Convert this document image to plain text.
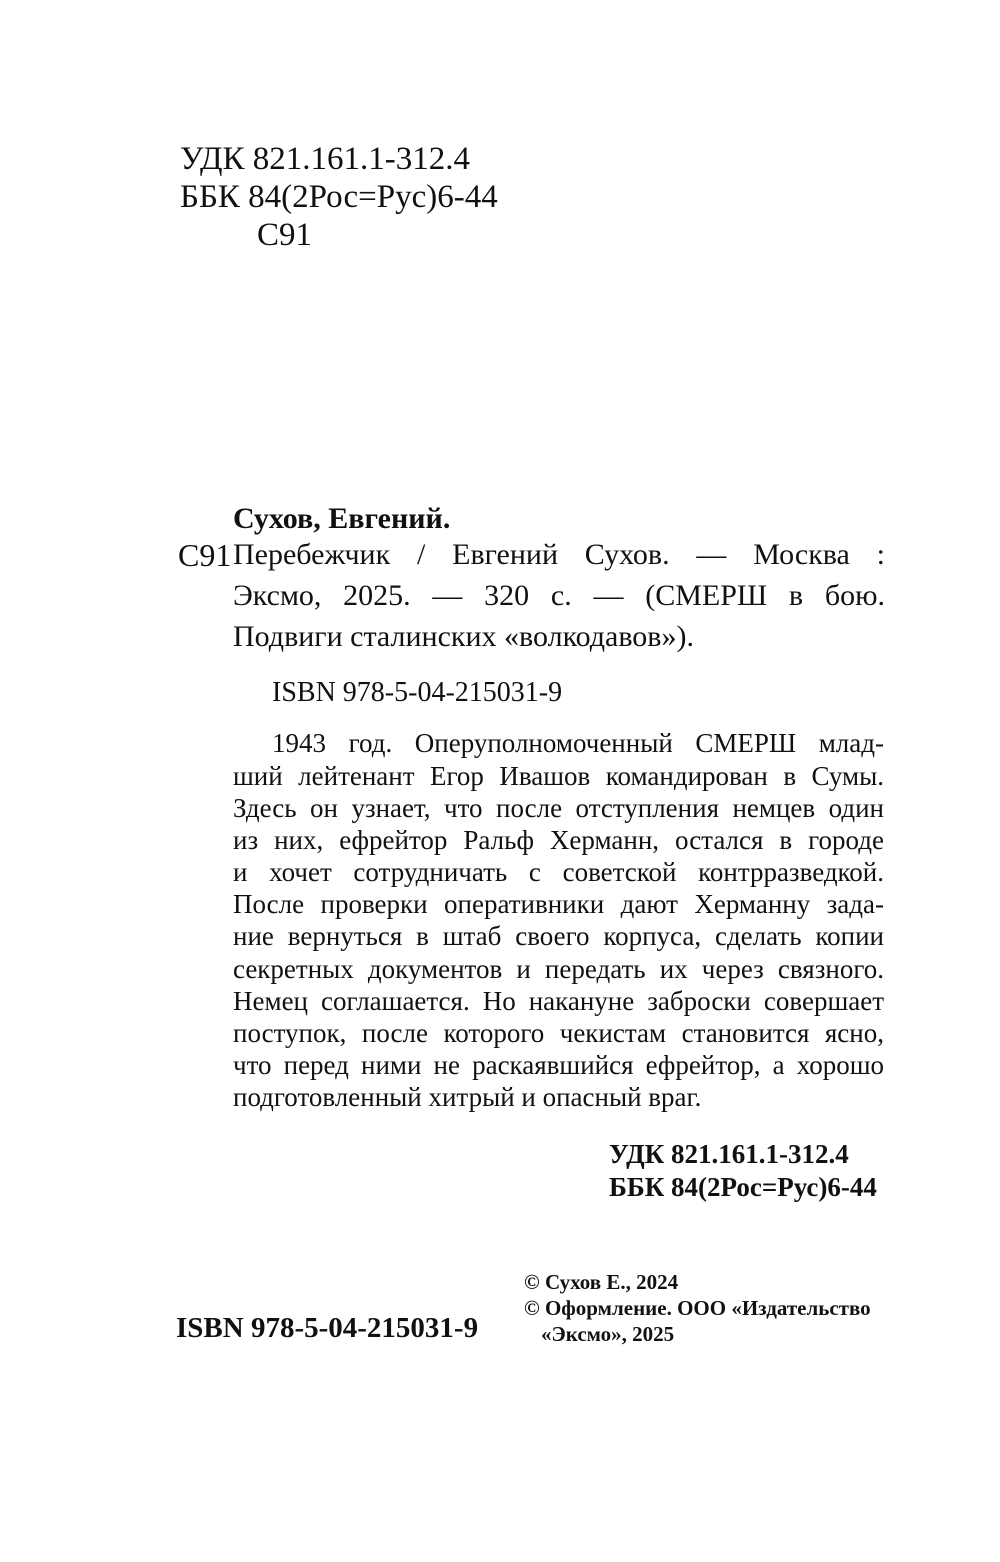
УДК 821.161.1-312.4
ББК 84(2Рос=Рус)6-44
С91
Сухов, Евгений.
С91 Перебежчик / Евгений Сухов. — Москва :
Эксмо, 2025. — 320 с. — (СМЕРШ в бою.
Подвиги сталинских «волкодавов»).
ISBN 978-5-04-215031-9
1943 год. Оперуполномоченный СМЕРШ млад-
ший лейтенант Егор Ивашов командирован в Сумы.
Здесь он узнает, что после отступления немцев один
из них, ефрейтор Ральф Херманн, остался в городе
и хочет сотрудничать с советской контрразведкой.
После проверки оперативники дают Херманну зада-
ние вернуться в штаб своего корпуса, сделать копии
секретных документов и передать их через связного.
Немец соглашается. Но накануне заброски совершает
поступок, после которого чекистам становится ясно,
что перед ними не раскаявшийся ефрейтор, а хорошо
подготовленный хитрый и опасный враг.
УДК 821.161.1-312.4
ББК 84(2Рос=Рус)6-44
© Сухов Е., 2024
© Оформление. ООО «Издательство
«Эксмо», 2025
ISBN 978-5-04-215031-9
